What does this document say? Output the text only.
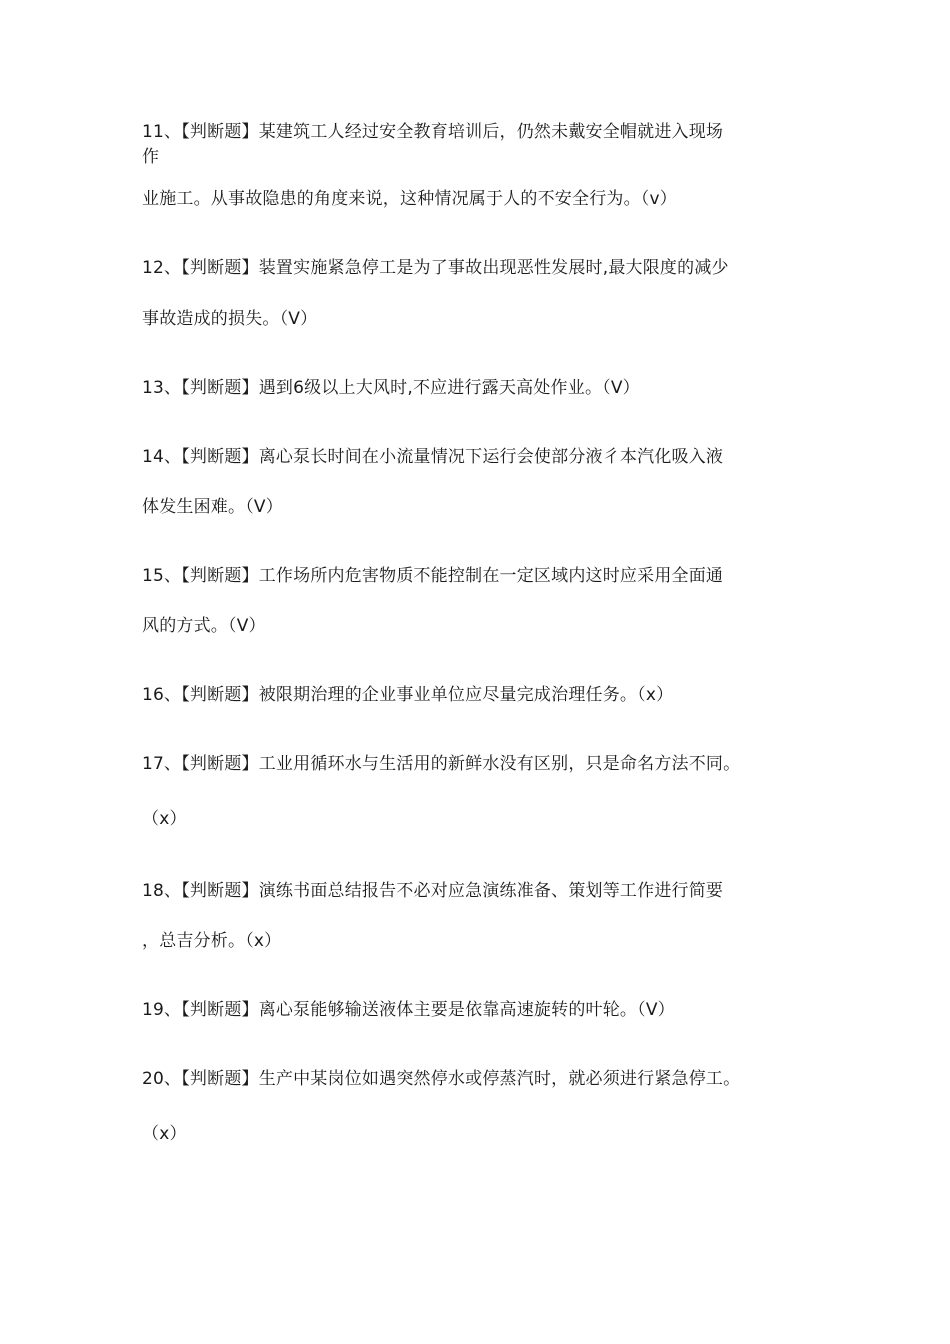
11、【判断题】某建筑工人经过安全教育培训后，仍然未戴安全帽就进入现场
作
业施工。从事故隐患的角度来说，这种情况属于人的不安全行为。（v）
12、【判断题】装置实施紧急停工是为了事故出现恶性发展时,最大限度的减少
事故造成的损失。（V）
13、【判断题】遇到6级以上大风时,不应进行露天高处作业。（V）
14、【判断题】离心泵长时间在小流量情况下运行会使部分液彳本汽化吸入液
体发生困难。（V）
15、【判断题】工作场所内危害物质不能控制在一定区域内这时应采用全面通
风的方式。（V）
16、【判断题】被限期治理的企业事业单位应尽量完成治理任务。（x）
17、【判断题】工业用循环水与生活用的新鲜水没有区别，只是命名方法不同。
（x）
18、【判断题】演练书面总结报告不必对应急演练准备、策划等工作进行简要
，总吉分析。（x）
19、【判断题】离心泵能够输送液体主要是依靠高速旋转的叶轮。（V）
20、【判断题】生产中某岗位如遇突然停水或停蒸汽时，就必须进行紧急停工。
（x）
